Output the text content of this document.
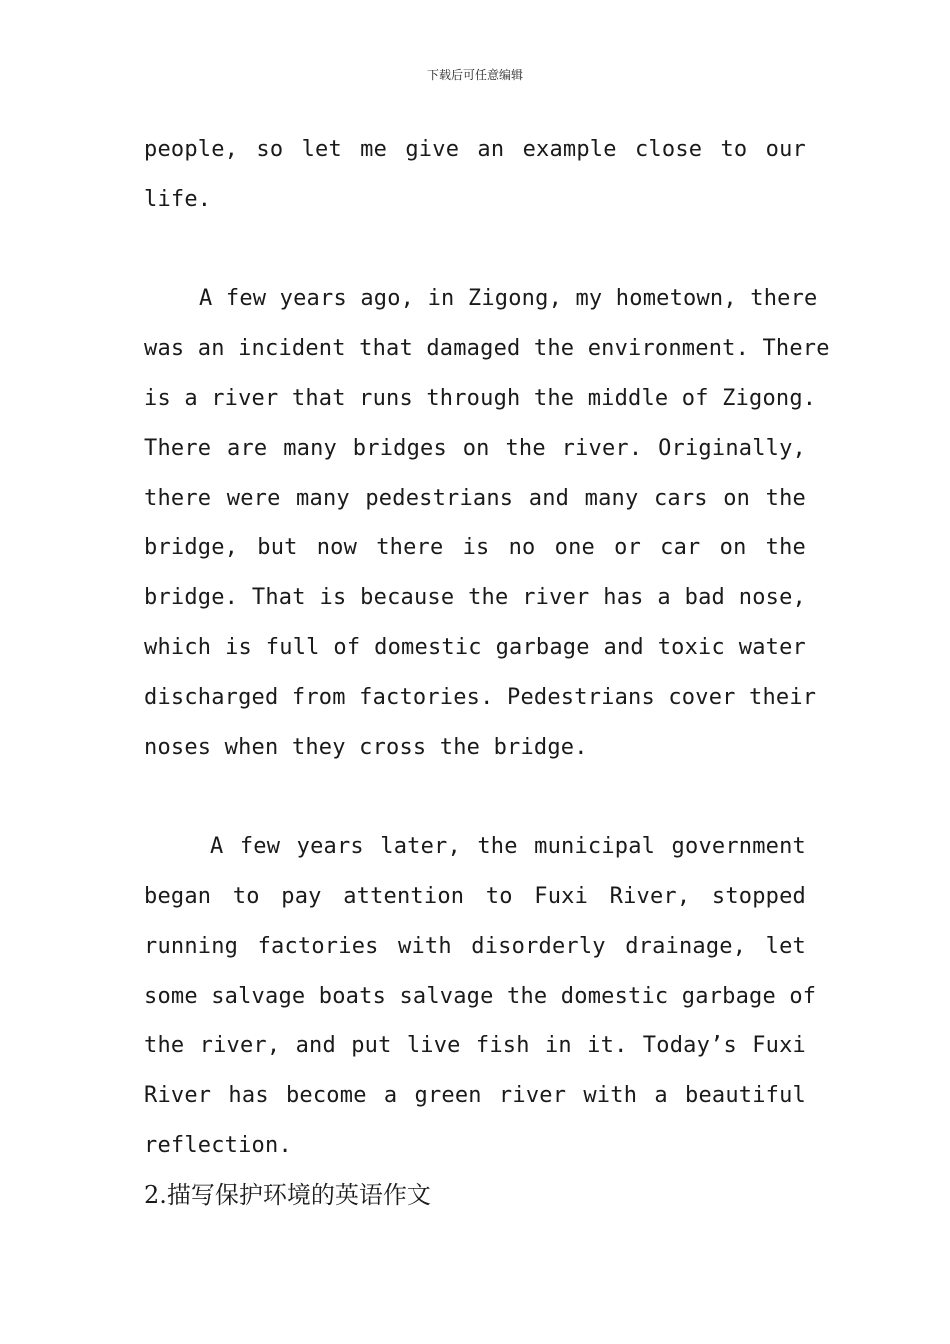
下载后可任意编辑
people, so let me give an example close to our
life.
A few years ago, in Zigong, my hometown, there
was an incident that damaged the environment. There
is a river that runs through the middle of Zigong.
There are many bridges on the river. Originally,
there were many pedestrians and many cars on the
bridge, but now there is no one or car on the
bridge. That is because the river has a bad nose,
which is full of domestic garbage and toxic water
discharged from factories. Pedestrians cover their
noses when they cross the bridge.
A few years later, the municipal government
began to pay attention to Fuxi River, stopped
running factories with disorderly drainage, let
some salvage boats salvage the domestic garbage of
the river, and put live fish in it. Today’s Fuxi
River has become a green river with a beautiful
reflection.
2.描写保护环境的英语作文
